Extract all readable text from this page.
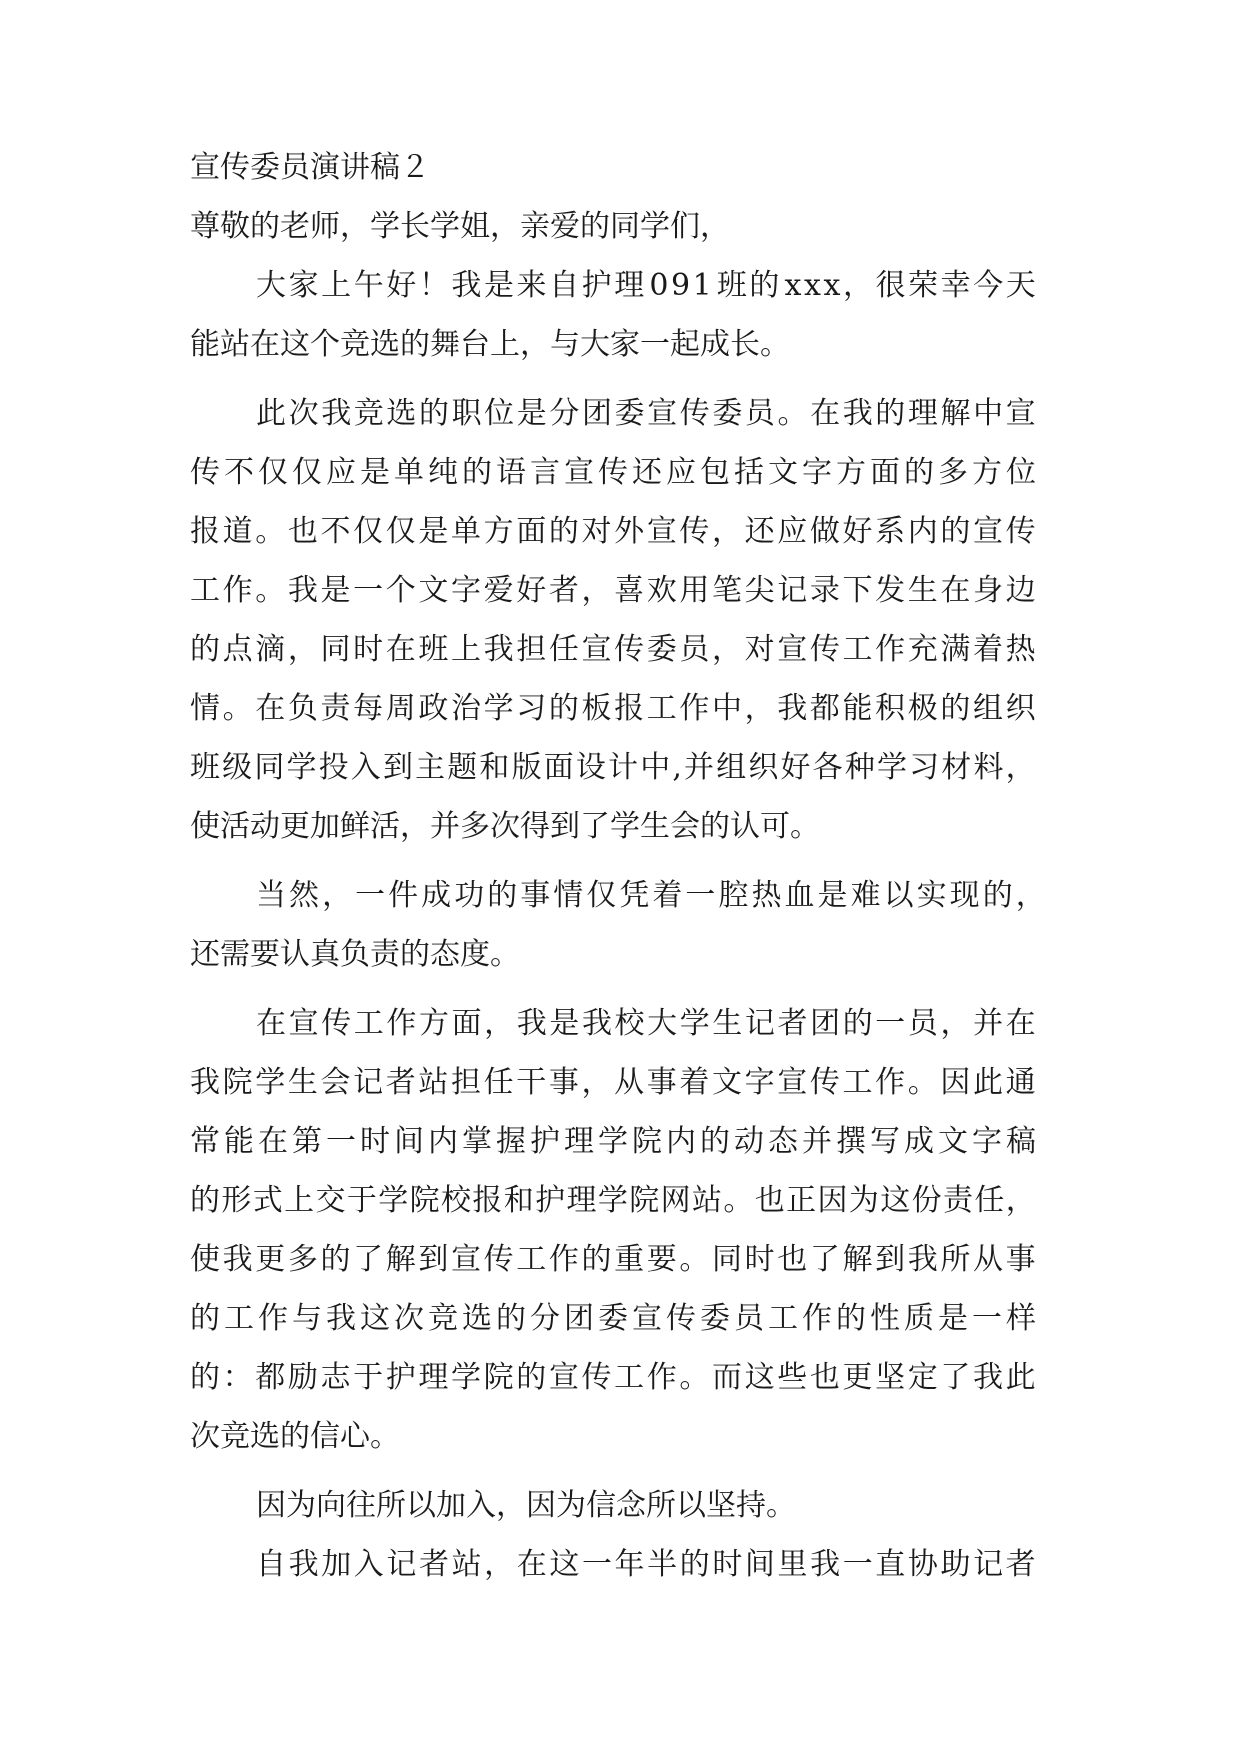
宣传委员演讲稿２
尊敬的老师，学长学姐，亲爱的同学们，
大 家 上 午 好 ！ 我 是 来 自 护 理 0 9 1 班 的 x x x ， 很 荣 幸 今 天
能站在这个竞选的舞台上，与大家一起成长。
此 次 我 竞 选 的 职 位 是 分 团 委 宣 传 委 员 。 在 我 的 理 解 中 宣
传 不 仅 仅 应 是 单 纯 的 语 言 宣 传 还 应 包 括 文 字 方 面 的 多 方 位
报 道 。 也 不 仅 仅 是 单 方 面 的 对 外 宣 传 ， 还 应 做 好 系 内 的 宣 传
工 作 。 我 是 一 个 文 字 爱 好 者 ， 喜 欢 用 笔 尖 记 录 下 发 生 在 身 边
的 点 滴 ， 同 时 在 班 上 我 担 任 宣 传 委 员 ， 对 宣 传 工 作 充 满 着 热
情 。 在 负 责 每 周 政 治 学 习 的 板 报 工 作 中 ， 我 都 能 积 极 的 组 织
班 级 同 学 投 入 到 主 题 和 版 面 设 计 中 , 并 组 织 好 各 种 学 习 材 料 ，
使活动更加鲜活，并多次得到了学生会的认可。
当 然 ， 一 件 成 功 的 事 情 仅 凭 着 一 腔 热 血 是 难 以 实 现 的 ，
还需要认真负责的态度。
在 宣 传 工 作 方 面 ， 我 是 我 校 大 学 生 记 者 团 的 一 员 ， 并 在
我 院 学 生 会 记 者 站 担 任 干 事 ， 从 事 着 文 字 宣 传 工 作 。 因 此 通
常 能 在 第 一 时 间 内 掌 握 护 理 学 院 内 的 动 态 并 撰 写 成 文 字 稿
的 形 式 上 交 于 学 院 校 报 和 护 理 学 院 网 站 。 也 正 因 为 这 份 责 任 ，
使 我 更 多 的 了 解 到 宣 传 工 作 的 重 要 。 同 时 也 了 解 到 我 所 从 事
的 工 作 与 我 这 次 竞 选 的 分 团 委 宣 传 委 员 工 作 的 性 质 是 一 样
的 ： 都 励 志 于 护 理 学 院 的 宣 传 工 作 。 而 这 些 也 更 坚 定 了 我 此
次竞选的信心。
因为向往所以加入，因为信念所以坚持。
自 我 加 入 记 者 站 ， 在 这 一 年 半 的 时 间 里 我 一 直 协 助 记 者
